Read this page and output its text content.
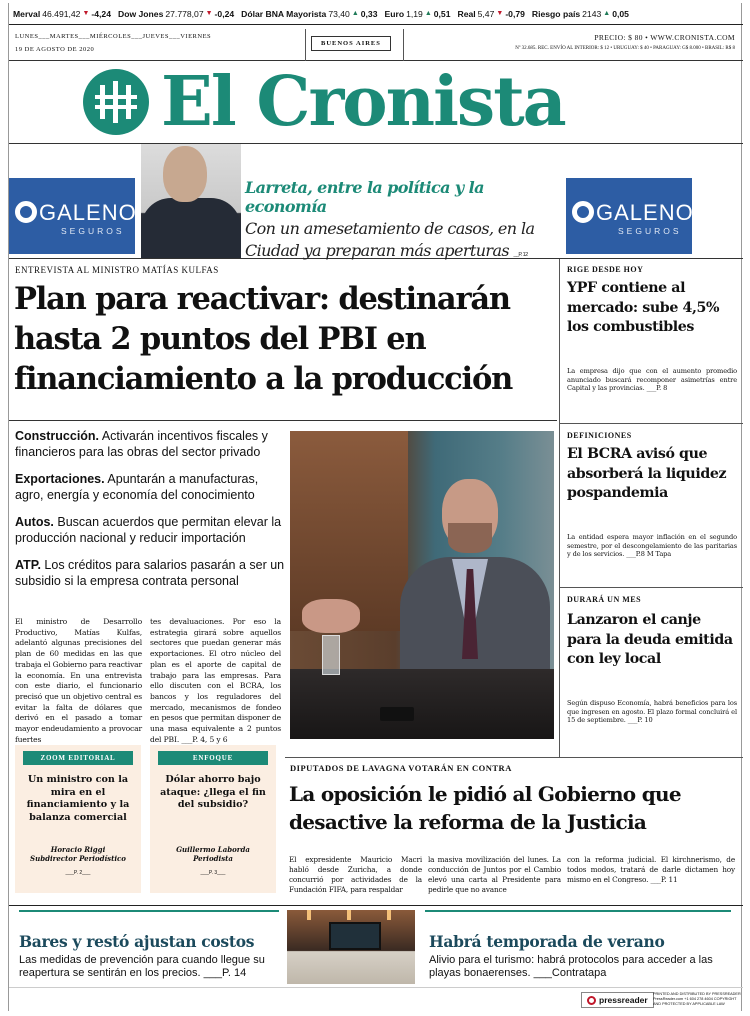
Merval 46.491,42 ▼ -4,24 Dow Jones 27.778,07 ▼ -0,24 Dólar BNA Mayorista 73,40 ▲ 0,33 Euro 1,19 ▲ 0,51 Real 5,47 ▼ -0,79 Riesgo país 2143 ▲ 0,05
LUNES___MARTES___MIÉRCOLES___JUEVES___VIERNES
19 DE AGOSTO DE 2020
BUENOS AIRES
PRECIO: $ 80 • WWW.CRONISTA.COM
Nº 32.685. REC. ENVÍO AL INTERIOR: $ 12 • URUGUAY: $ 40 • PARAGUAY: G$ 8.000 • BRASIL: R$ 8
El Cronista
GALENO
SEGUROS
Larreta, entre la política y la economía
Con un amesetamiento de casos, en la Ciudad ya preparan más aperturas __P. 12
GALENO
SEGUROS
ENTREVISTA AL MINISTRO MATÍAS KULFAS
Plan para reactivar: destinarán hasta 2 puntos del PBI en financiamiento a la producción

Construcción. Activarán incentivos fiscales y financieros para las obras del sector privado

Exportaciones. Apuntarán a manufacturas, agro, energía y economía del conocimiento

Autos. Buscan acuerdos que permitan elevar la producción nacional y reducir importación

ATP. Los créditos para salarios pasarán a ser un subsidio si la empresa contrata personal

El ministro de Desarrollo Productivo, Matías Kulfas, adelantó algunas precisiones del plan de 60 medidas en las que trabaja el Gobierno para reactivar la economía. En una entrevista con este diario, el funcionario precisó que un objetivo central es evitar la falta de dólares que derivó en el pasado a tomar mayor endeudamiento a provocar fuertes
tes devaluaciones. Por eso la estrategia girará sobre aquellos sectores que puedan generar más exportaciones. El otro núcleo del plan es el aporte de capital de trabajo para las empresas. Para ello discuten con el BCRA, los bancos y los reguladores del mercado, mecanismos de fondeo en pesos que permitan disponer de una masa equivalente a 2 puntos del PBI. ___P. 4, 5 y 6
ZOOM EDITORIAL
Un ministro con la mira en el financiamiento y la balanza comercial
Horacio Riggi
Subdirector Periodístico
___P. 2___
ENFOQUE
Dólar ahorro bajo ataque: ¿llega el fin del subsidio?
Guillermo Laborda
Periodista
___P. 3___
RIGE DESDE HOY
YPF contiene al mercado: sube 4,5% los combustibles
La empresa dijo que con el aumento promedio anunciado buscará recomponer asimetrías entre Capital y las provincias. ___P. 8
DEFINICIONES
El BCRA avisó que absorberá la liquidez pospandemia
La entidad espera mayor inflación en el segundo semestre, por el descongelamiento de las paritarias y de los servicios. ___P.8 M Tapa
DURARÁ UN MES
Lanzaron el canje para la deuda emitida con ley local
Según dispuso Economía, habrá beneficios para los que ingresen en agosto. El plazo formal concluirá el 15 de septiembre. ___P. 10
DIPUTADOS DE LAVAGNA VOTARÁN EN CONTRA
La oposición le pidió al Gobierno que desactive la reforma de la Justicia
El expresidente Mauricio Macri habló desde Zuricha, a donde concurrió por actividades de la Fundación FIFA, para respaldar
la masiva movilización del lunes. La conducción de Juntos por el Cambio elevó una carta al Presidente para pedirle que no avance
con la reforma judicial. El kirchnerismo, de todos modos, tratará de darle dictamen hoy mismo en el Congreso. ___P. 11
Bares y restó ajustan costos
Las medidas de prevención para cuando llegue su reapertura se sentirán en los precios. ___P. 14
Habrá temporada de verano
Alivio para el turismo: habrá protocolos para acceder a las playas bonaerenses. ___Contratapa
pressreader
PRINTED AND DISTRIBUTED BY PRESSREADER PressReader.com +1 604 278 4604 COPYRIGHT AND PROTECTED BY APPLICABLE LAW
